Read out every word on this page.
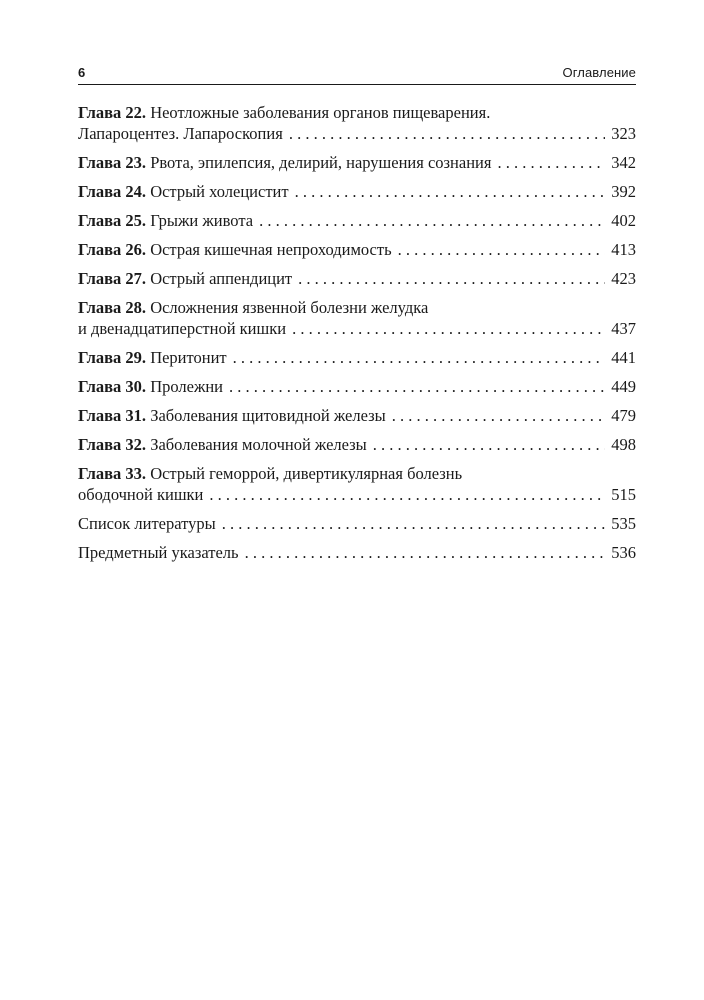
6	Оглавление
Глава 22. Неотложные заболевания органов пищеварения.
Лапароцентез. Лапароскопия . . .	323
Глава 23. Рвота, эпилепсия, делирий, нарушения сознания . . .	342
Глава 24. Острый холецистит . . .	392
Глава 25. Грыжи живота . . .	402
Глава 26. Острая кишечная непроходимость . . .	413
Глава 27. Острый аппендицит . . .	423
Глава 28. Осложнения язвенной болезни желудка
и двенадцатиперстной кишки . . .	437
Глава 29. Перитонит . . .	441
Глава 30. Пролежни . . .	449
Глава 31. Заболевания щитовидной железы . . .	479
Глава 32. Заболевания молочной железы . . .	498
Глава 33. Острый геморрой, дивертикулярная болезнь
ободочной кишки . . .	515
Список литературы . . .	535
Предметный указатель . . .	536
